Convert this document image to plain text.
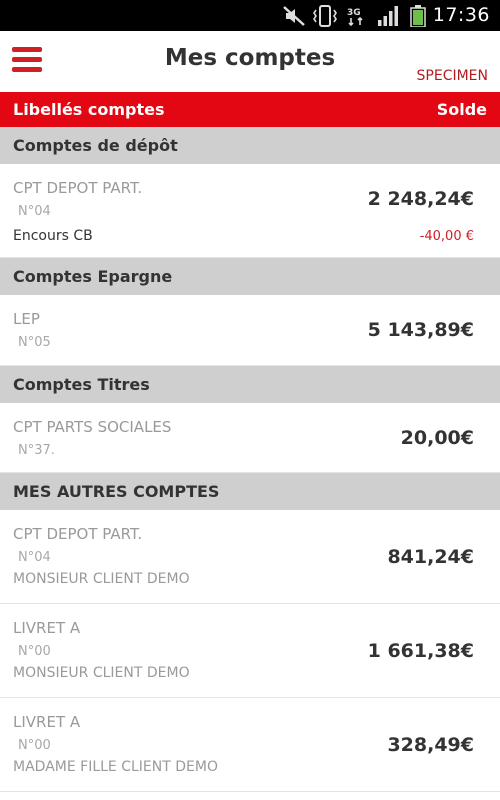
3G	17:36
Mes comptes
SPECIMEN
Libellés comptes	Solde
Comptes de dépôt
CPT DEPOT PART.
N°04
2 248,24€
Encours CB	-40,00 €
Comptes Epargne
LEP
N°05
5 143,89€
Comptes Titres
CPT PARTS SOCIALES
N°37.
20,00€
MES AUTRES COMPTES
CPT DEPOT PART.
N°04
MONSIEUR CLIENT DEMO
841,24€
LIVRET A
N°00
MONSIEUR CLIENT DEMO
1 661,38€
LIVRET A
N°00
MADAME FILLE CLIENT DEMO
328,49€
